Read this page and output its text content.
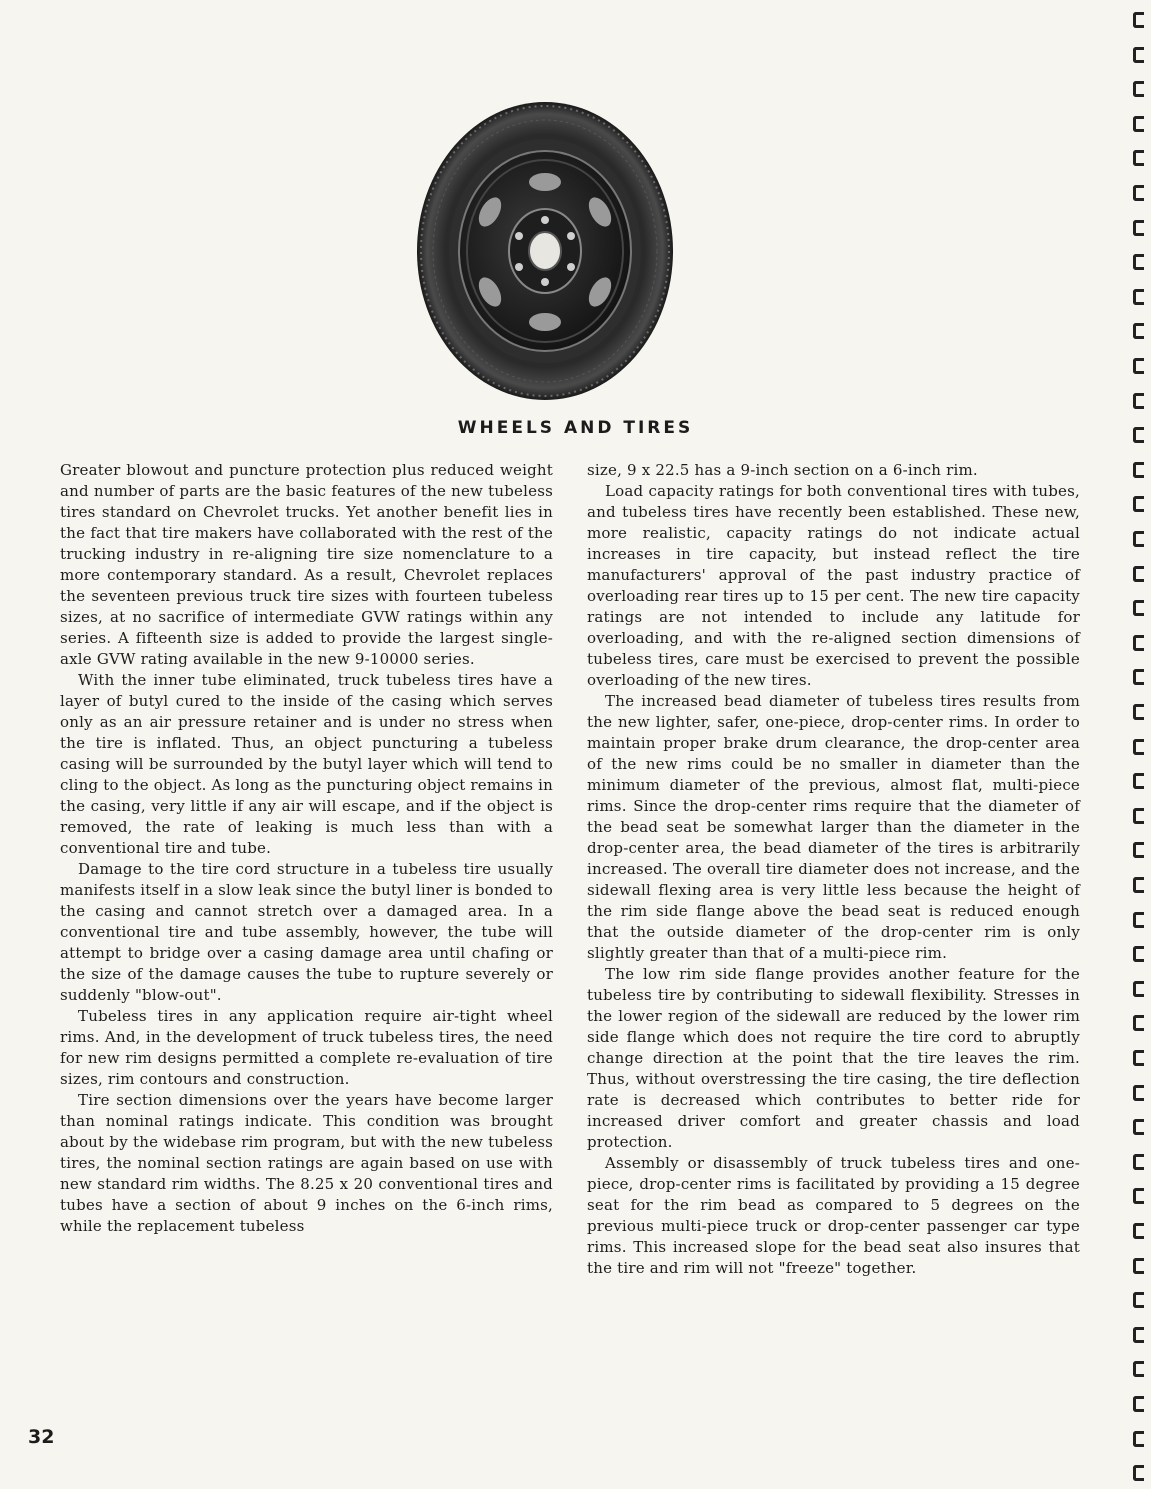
WHEELS AND TIRES

Greater blowout and puncture protection plus reduced weight and number of parts are the basic features of the new tubeless tires standard on Chevrolet trucks. Yet another benefit lies in the fact that tire makers have collaborated with the rest of the trucking industry in re-aligning tire size nomenclature to a more contemporary standard. As a result, Chevrolet replaces the seventeen previous truck tire sizes with fourteen tubeless sizes, at no sacrifice of intermediate GVW ratings within any series. A fifteenth size is added to provide the largest single-axle GVW rating available in the new 9-10000 series.

With the inner tube eliminated, truck tubeless tires have a layer of butyl cured to the inside of the casing which serves only as an air pressure retainer and is under no stress when the tire is inflated. Thus, an object puncturing a tubeless casing will be surrounded by the butyl layer which will tend to cling to the object. As long as the puncturing object remains in the casing, very little if any air will escape, and if the object is removed, the rate of leaking is much less than with a conventional tire and tube.

Damage to the tire cord structure in a tubeless tire usually manifests itself in a slow leak since the butyl liner is bonded to the casing and cannot stretch over a damaged area. In a conventional tire and tube assembly, however, the tube will attempt to bridge over a casing damage area until chafing or the size of the damage causes the tube to rupture severely or suddenly "blow-out".

Tubeless tires in any application require air-tight wheel rims. And, in the development of truck tubeless tires, the need for new rim designs permitted a complete re-evaluation of tire sizes, rim contours and construction.

Tire section dimensions over the years have become larger than nominal ratings indicate. This condition was brought about by the widebase rim program, but with the new tubeless tires, the nominal section ratings are again based on use with new standard rim widths. The 8.25 x 20 conventional tires and tubes have a section of about 9 inches on the 6-inch rims, while the replacement tubeless

size, 9 x 22.5 has a 9-inch section on a 6-inch rim.

Load capacity ratings for both conventional tires with tubes, and tubeless tires have recently been established. These new, more realistic, capacity ratings do not indicate actual increases in tire capacity, but instead reflect the tire manufacturers' approval of the past industry practice of overloading rear tires up to 15 per cent. The new tire capacity ratings are not intended to include any latitude for overloading, and with the re-aligned section dimensions of tubeless tires, care must be exercised to prevent the possible overloading of the new tires.

The increased bead diameter of tubeless tires results from the new lighter, safer, one-piece, drop-center rims. In order to maintain proper brake drum clearance, the drop-center area of the new rims could be no smaller in diameter than the minimum diameter of the previous, almost flat, multi-piece rims. Since the drop-center rims require that the diameter of the bead seat be somewhat larger than the diameter in the drop-center area, the bead diameter of the tires is arbitrarily increased. The overall tire diameter does not increase, and the sidewall flexing area is very little less because the height of the rim side flange above the bead seat is reduced enough that the outside diameter of the drop-center rim is only slightly greater than that of a multi-piece rim.

The low rim side flange provides another feature for the tubeless tire by contributing to sidewall flexibility. Stresses in the lower region of the sidewall are reduced by the lower rim side flange which does not require the tire cord to abruptly change direction at the point that the tire leaves the rim. Thus, without overstressing the tire casing, the tire deflection rate is decreased which contributes to better ride for increased driver comfort and greater chassis and load protection.

Assembly or disassembly of truck tubeless tires and one-piece, drop-center rims is facilitated by providing a 15 degree seat for the rim bead as compared to 5 degrees on the previous multi-piece truck or drop-center passenger car type rims. This increased slope for the bead seat also insures that the tire and rim will not "freeze" together.

32
